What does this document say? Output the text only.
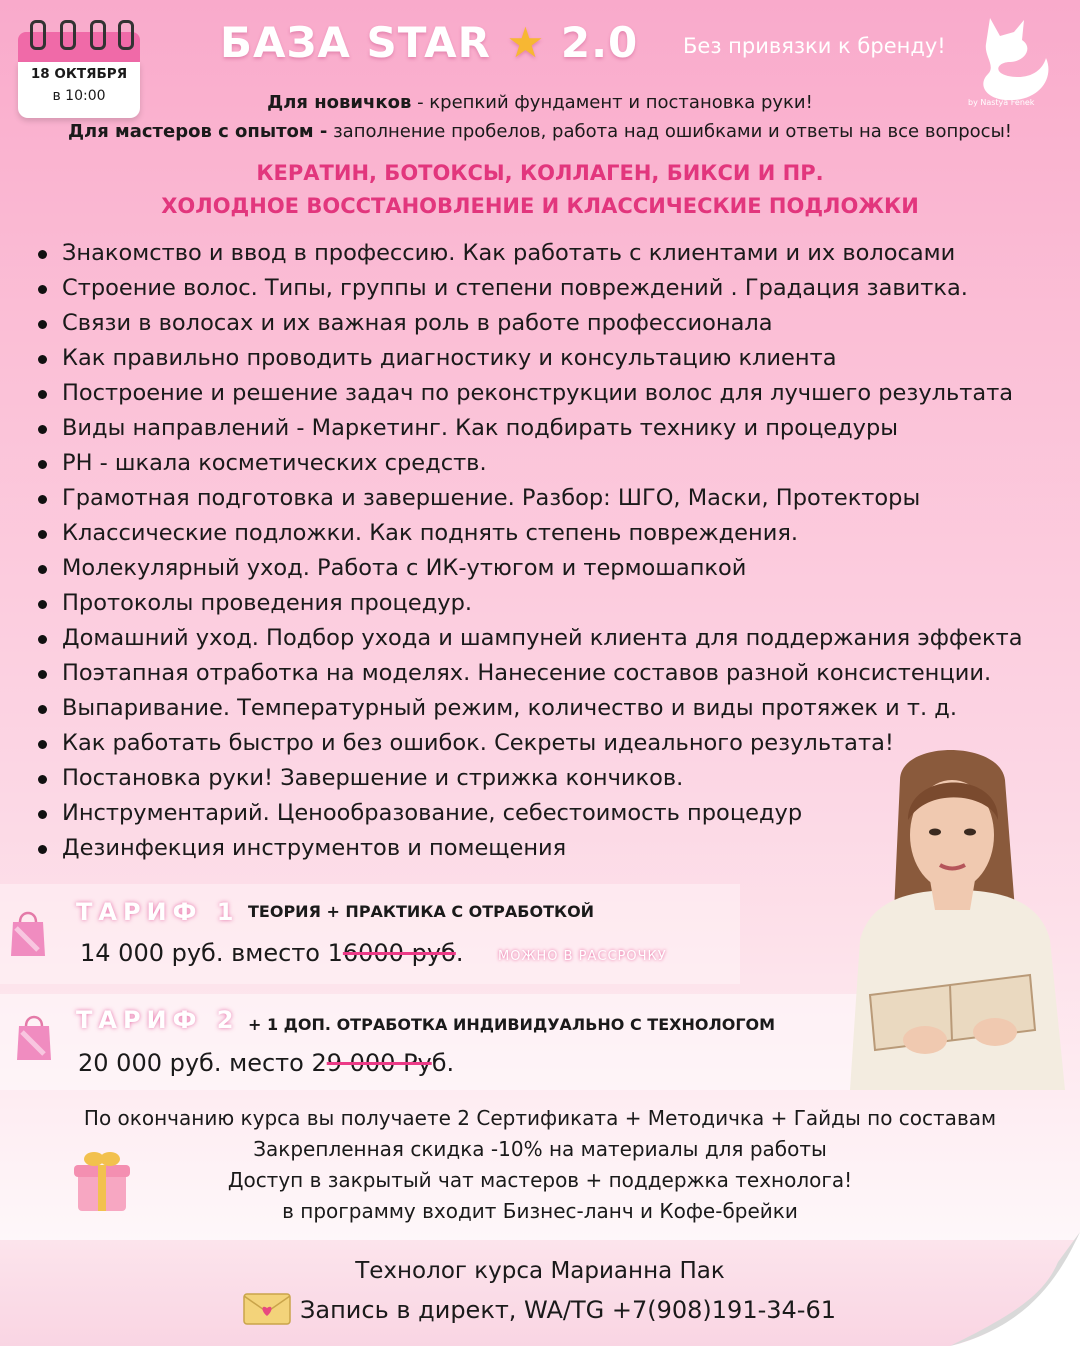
18 ОКТЯБРЯ
в 10:00
БАЗА STAR ★ 2.0 Без привязки к бренду!
by Nastya Fenek
Для новичков - крепкий фундамент и постановка руки!
Для мастеров с опытом - заполнение пробелов, работа над ошибками и ответы на все вопросы!
КЕРАТИН, БОТОКСЫ, КОЛЛАГЕН, БИКСИ И ПР.
ХОЛОДНОЕ ВОССТАНОВЛЕНИЕ И КЛАССИЧЕСКИЕ ПОДЛОЖКИ
Знакомство и ввод в профессию. Как работать с клиентами и их волосами
Строение волос. Типы, группы и степени повреждений . Градация завитка.
Связи в волосах и их важная роль в работе профессионала
Как правильно проводить диагностику и консультацию клиента
Построение и решение задач по реконструкции волос для лучшего результата
Виды направлений - Маркетинг. Как подбирать технику и процедуры
PH - шкала косметических средств.
Грамотная подготовка и завершение. Разбор: ШГО, Маски, Протекторы
Классические подложки. Как поднять степень повреждения.
Молекулярный уход. Работа с ИК-утюгом и термошапкой
Протоколы проведения процедур.
Домашний уход. Подбор ухода и шампуней клиента для поддержания эффекта
Поэтапная отработка на моделях. Нанесение составов разной консистенции.
Выпаривание. Температурный режим, количество и виды протяжек и т. д.
Как работать быстро и без ошибок. Секреты идеального результата!
Постановка руки! Завершение и стрижка кончиков.
Инструментарий. Ценообразование, себестоимость процедур
Дезинфекция инструментов и помещения
ТАРИФ 1 ТЕОРИЯ + ПРАКТИКА С ОТРАБОТКОЙ
14 000 руб. вместо 16000 руб.	МОЖНО В РАССРОЧКУ
ТАРИФ 2 + 1 ДОП. ОТРАБОТКА ИНДИВИДУАЛЬНО С ТЕХНОЛОГОМ
20 000 руб. место 29 000 Руб.
По окончанию курса вы получаете 2 Сертификата + Методичка + Гайды по составам
Закрепленная скидка -10% на материалы для работы
Доступ в закрытый чат мастеров + поддержка технолога!
в программу входит Бизнес-ланч и Кофе-брейки
Технолог курса Марианна Пак
Запись в директ, WA/TG +7(908)191-34-61
